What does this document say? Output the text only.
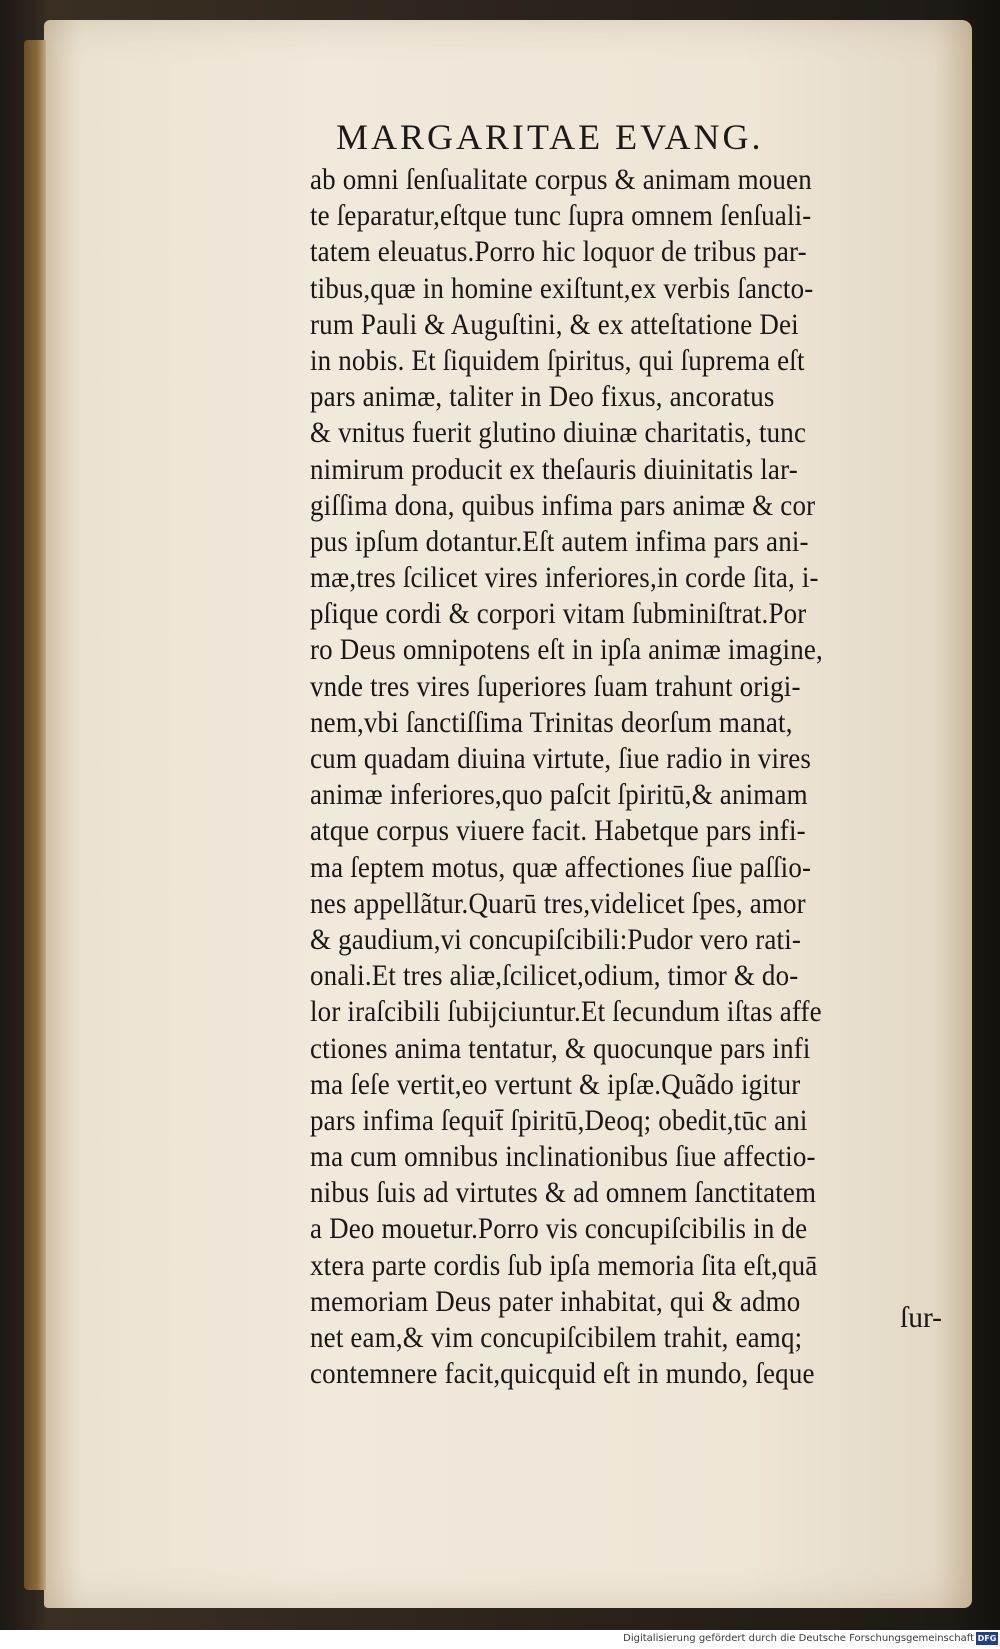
MARGARITAE EVANG.
ab omni ſenſualitate corpus & animam mouen
te ſeparatur,eſtque tunc ſupra omnem ſenſuali-
tatem eleuatus.Porro hic loquor de tribus par-
tibus,quæ in homine exiſtunt,ex verbis ſancto-
rum Pauli & Auguſtini, & ex atteſtatione Dei
in nobis. Et ſiquidem ſpiritus, qui ſuprema eſt
pars animæ, taliter in Deo fixus, ancoratus
& vnitus fuerit glutino diuinæ charitatis, tunc
nimirum producit ex theſauris diuinitatis lar-
giſſima dona, quibus infima pars animæ & cor
pus ipſum dotantur.Eſt autem infima pars ani-
mæ,tres ſcilicet vires inferiores,in corde ſita, i-
pſique cordi & corpori vitam ſubminiſtrat.Por
ro Deus omnipotens eſt in ipſa animæ imagine,
vnde tres vires ſuperiores ſuam trahunt origi-
nem,vbi ſanctiſſima Trinitas deorſum manat,
cum quadam diuina virtute, ſiue radio in vires
animæ inferiores,quo paſcit ſpiritū,& animam
atque corpus viuere facit. Habetque pars infi-
ma ſeptem motus, quæ affectiones ſiue paſſio-
nes appellãtur.Quarū tres,videlicet ſpes, amor
& gaudium,vi concupiſcibili:Pudor vero rati-
onali.Et tres aliæ,ſcilicet,odium, timor & do-
lor iraſcibili ſubijciuntur.Et ſecundum iſtas affe
ctiones anima tentatur, & quocunque pars infi
ma ſeſe vertit,eo vertunt & ipſæ.Quãdo igitur
pars infima ſequit̄ ſpiritū,Deoq; obedit,tūc ani
ma cum omnibus inclinationibus ſiue affectio-
nibus ſuis ad virtutes & ad omnem ſanctitatem
a Deo mouetur.Porro vis concupiſcibilis in de
xtera parte cordis ſub ipſa memoria ſita eſt,quā
memoriam Deus pater inhabitat, qui & admo
net eam,& vim concupiſcibilem trahit, eamq;
contemnere facit,quicquid eſt in mundo, ſeque
ſur-
Digitalisierung gefördert durch die Deutsche Forschungsgemeinschaft DFG
